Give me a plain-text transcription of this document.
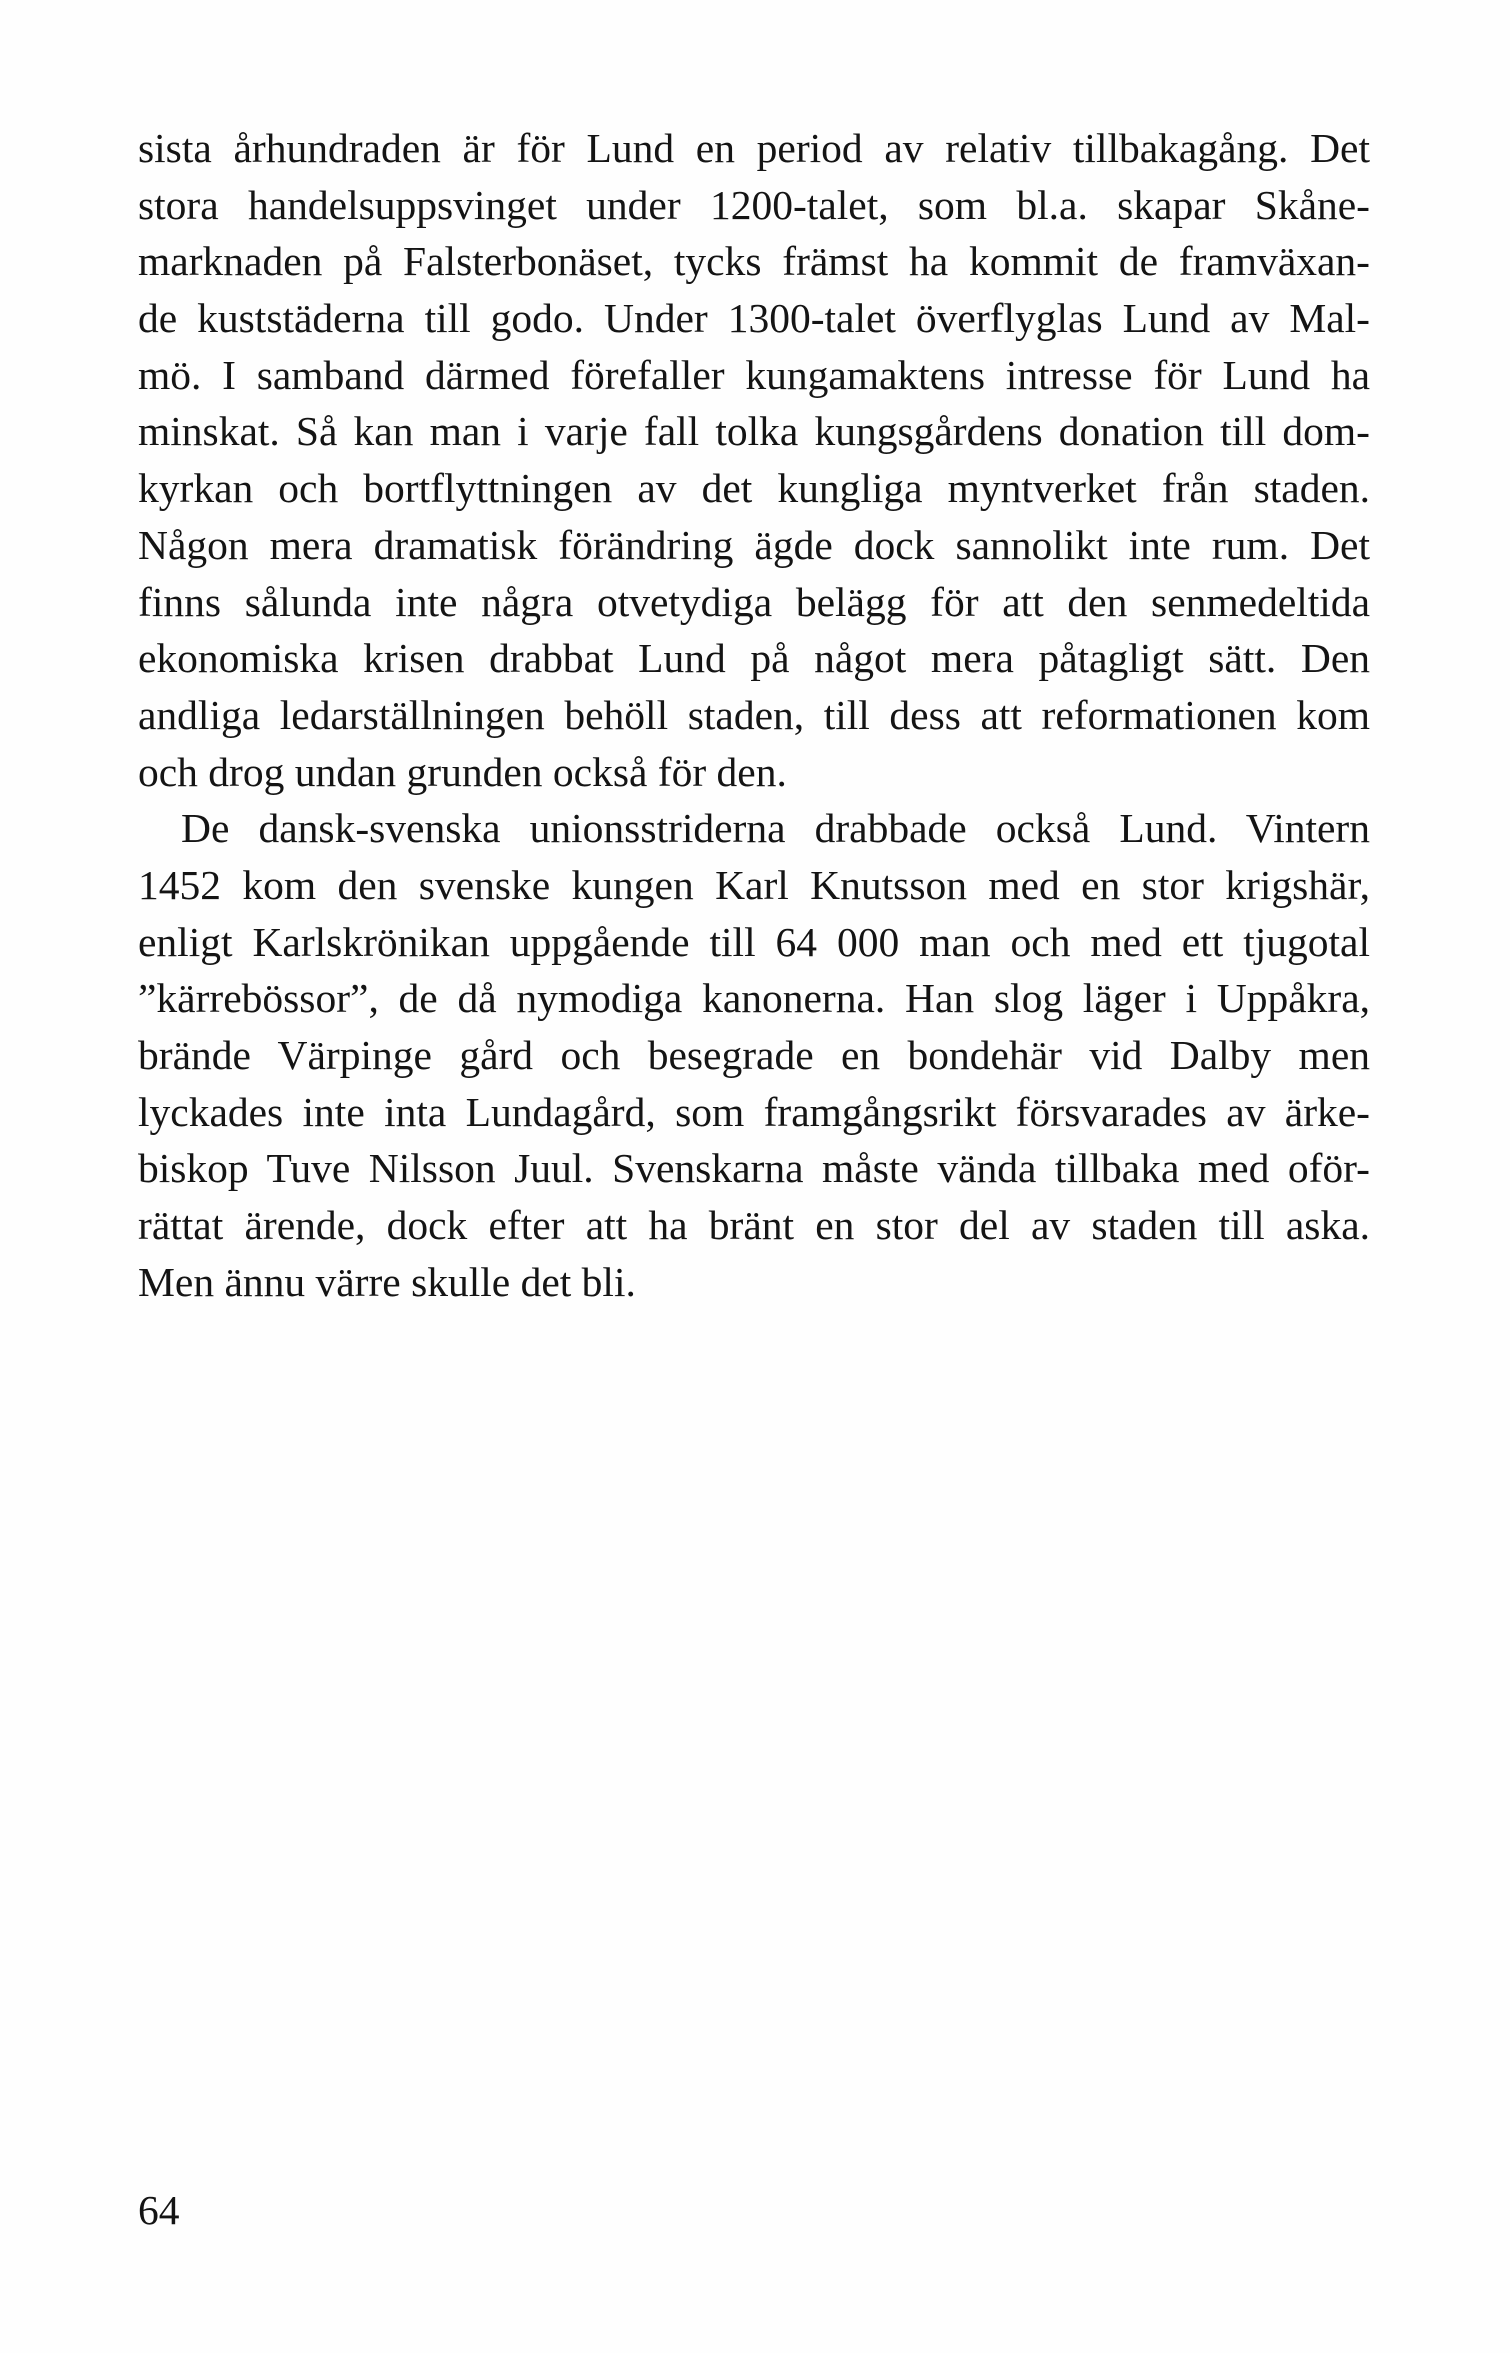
sista århundraden är för Lund en period av relativ tillbakagång. Det
stora handelsuppsvinget under 1200-talet, som bl.a. skapar Skåne-
marknaden på Falsterbonäset, tycks främst ha kommit de framväxan-
de kuststäderna till godo. Under 1300-talet överflyglas Lund av Mal-
mö. I samband därmed förefaller kungamaktens intresse för Lund ha
minskat. Så kan man i varje fall tolka kungsgårdens donation till dom-
kyrkan och bortflyttningen av det kungliga myntverket från staden.
Någon mera dramatisk förändring ägde dock sannolikt inte rum. Det
finns sålunda inte några otvetydiga belägg för att den senmedeltida
ekonomiska krisen drabbat Lund på något mera påtagligt sätt. Den
andliga ledarställningen behöll staden, till dess att reformationen kom
och drog undan grunden också för den.
De dansk-svenska unionsstriderna drabbade också Lund. Vintern
1452 kom den svenske kungen Karl Knutsson med en stor krigshär,
enligt Karlskrönikan uppgående till 64 000 man och med ett tjugotal
”kärrebössor”, de då nymodiga kanonerna. Han slog läger i Uppåkra,
brände Värpinge gård och besegrade en bondehär vid Dalby men
lyckades inte inta Lundagård, som framgångsrikt försvarades av ärke-
biskop Tuve Nilsson Juul. Svenskarna måste vända tillbaka med oför-
rättat ärende, dock efter att ha bränt en stor del av staden till aska.
Men ännu värre skulle det bli.
64
